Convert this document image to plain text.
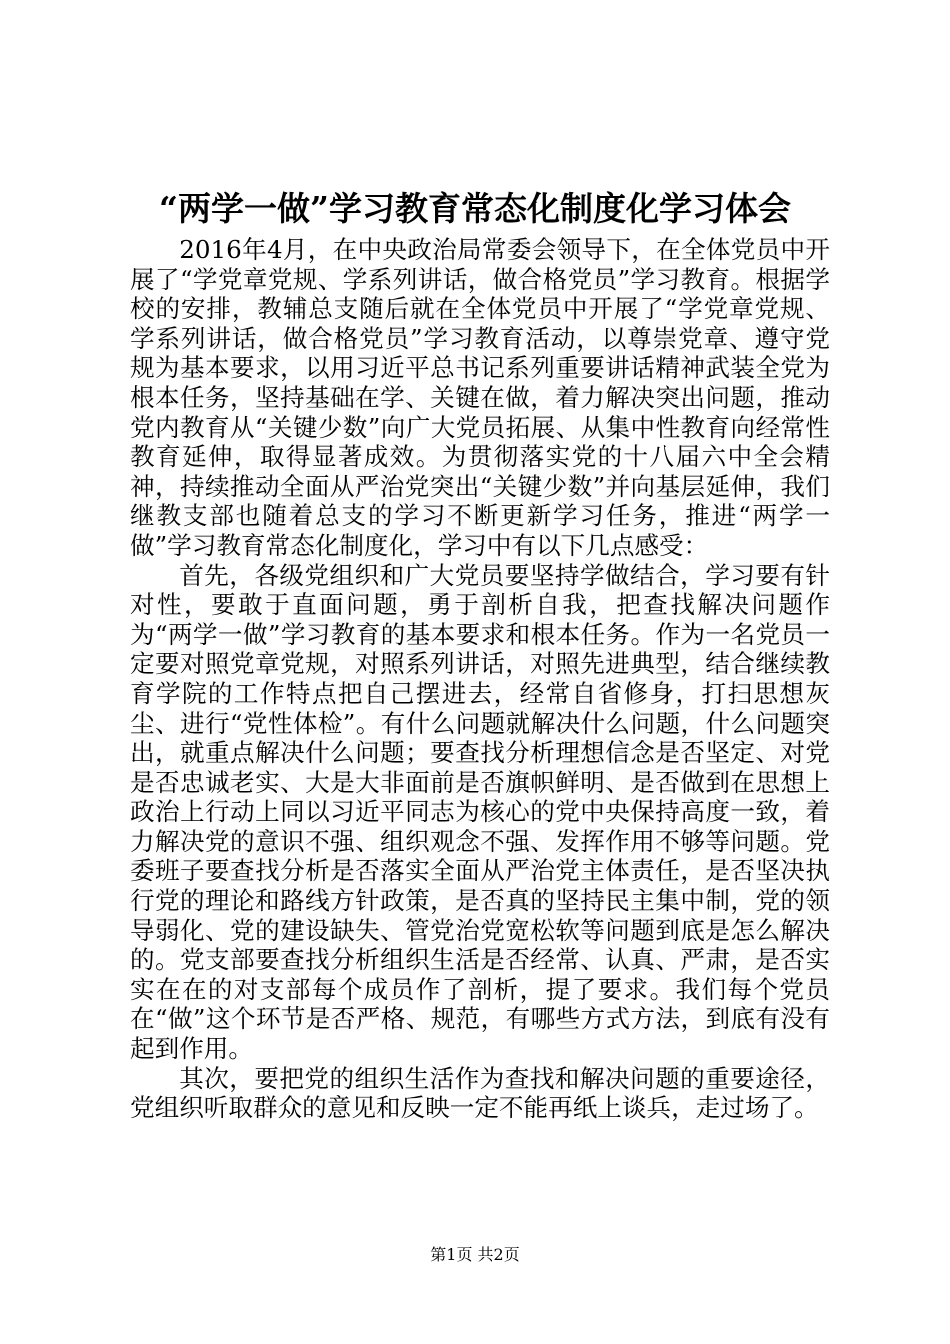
“两学一做”学习教育常态化制度化学习体会

2016年4月，在中央政治局常委会领导下，在全体党员中开展了“学党章党规、学系列讲话，做合格党员”学习教育。根据学校的安排，教辅总支随后就在全体党员中开展了“学党章党规、学系列讲话，做合格党员”学习教育活动，以尊崇党章、遵守党规为基本要求，以用习近平总书记系列重要讲话精神武装全党为根本任务，坚持基础在学、关键在做，着力解决突出问题，推动党内教育从“关键少数”向广大党员拓展、从集中性教育向经常性教育延伸，取得显著成效。为贯彻落实党的十八届六中全会精神，持续推动全面从严治党突出“关键少数”并向基层延伸，我们继教支部也随着总支的学习不断更新学习任务，推进“两学一做”学习教育常态化制度化，学习中有以下几点感受：

首先，各级党组织和广大党员要坚持学做结合，学习要有针对性，要敢于直面问题，勇于剖析自我，把查找解决问题作为“两学一做”学习教育的基本要求和根本任务。作为一名党员一定要对照党章党规，对照系列讲话，对照先进典型，结合继续教育学院的工作特点把自己摆进去，经常自省修身，打扫思想灰尘、进行“党性体检”。有什么问题就解决什么问题，什么问题突出，就重点解决什么问题；要查找分析理想信念是否坚定、对党是否忠诚老实、大是大非面前是否旗帜鲜明、是否做到在思想上政治上行动上同以习近平同志为核心的党中央保持高度一致，着力解决党的意识不强、组织观念不强、发挥作用不够等问题。党委班子要查找分析是否落实全面从严治党主体责任，是否坚决执行党的理论和路线方针政策，是否真的坚持民主集中制，党的领导弱化、党的建设缺失、管党治党宽松软等问题到底是怎么解决的。党支部要查找分析组织生活是否经常、认真、严肃，是否实实在在的对支部每个成员作了剖析，提了要求。我们每个党员在“做”这个环节是否严格、规范，有哪些方式方法，到底有没有起到作用。

其次，要把党的组织生活作为查找和解决问题的重要途径，党组织听取群众的意见和反映一定不能再纸上谈兵，走过场了。

第1页 共2页
